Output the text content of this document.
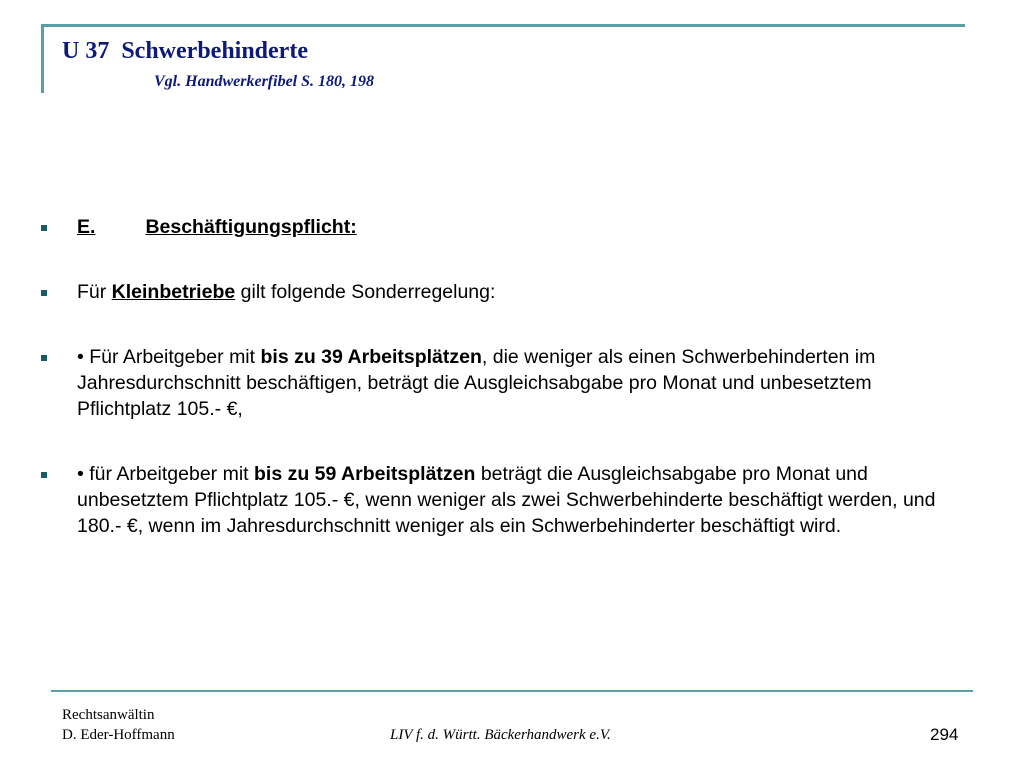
U 37  Schwerbehinderte
Vgl. Handwerkerfibel S. 180, 198
E.	Beschäftigungspflicht:
Für Kleinbetriebe gilt folgende Sonderregelung:
• Für Arbeitgeber mit bis zu 39 Arbeitsplätzen, die weniger als einen Schwerbehinderten im Jahresdurchschnitt beschäftigen, beträgt die Ausgleichsabgabe pro Monat und unbesetztem Pflichtplatz 105.- €,
• für Arbeitgeber mit bis zu 59 Arbeitsplätzen beträgt die Ausgleichsabgabe pro Monat und unbesetztem Pflichtplatz 105.- €, wenn weniger als zwei Schwerbehinderte beschäftigt werden, und 180.- €, wenn im Jahresdurchschnitt weniger als ein Schwerbehinderter beschäftigt wird.
Rechtsanwältin
D. Eder-Hoffmann	LIV f. d. Württ. Bäckerhandwerk e.V.	294
